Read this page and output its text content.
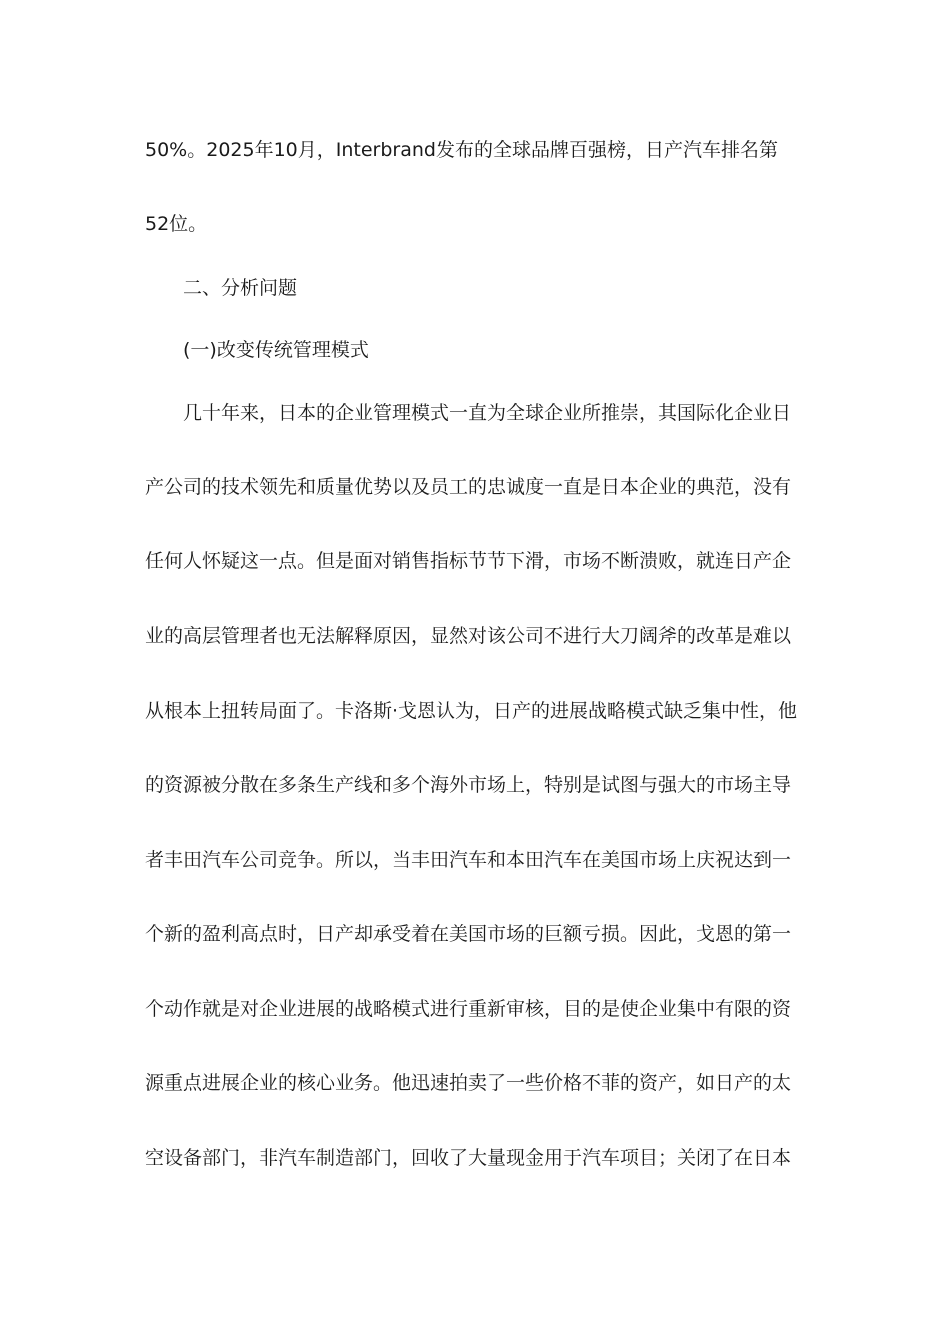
50%。2025年10月，Interbrand发布的全球品牌百强榜，日产汽车排名第
52位。
二、分析问题
(一)改变传统管理模式
几十年来，日本的企业管理模式一直为全球企业所推崇，其国际化企业日
产公司的技术领先和质量优势以及员工的忠诚度一直是日本企业的典范，没有
任何人怀疑这一点。但是面对销售指标节节下滑，市场不断溃败，就连日产企
业的高层管理者也无法解释原因，显然对该公司不进行大刀阔斧的改革是难以
从根本上扭转局面了。卡洛斯·戈恩认为，日产的进展战略模式缺乏集中性，他
的资源被分散在多条生产线和多个海外市场上，特别是试图与强大的市场主导
者丰田汽车公司竞争。所以，当丰田汽车和本田汽车在美国市场上庆祝达到一
个新的盈利高点时，日产却承受着在美国市场的巨额亏损。因此，戈恩的第一
个动作就是对企业进展的战略模式进行重新审核，目的是使企业集中有限的资
源重点进展企业的核心业务。他迅速拍卖了一些价格不菲的资产，如日产的太
空设备部门，非汽车制造部门，回收了大量现金用于汽车项目；关闭了在日本
